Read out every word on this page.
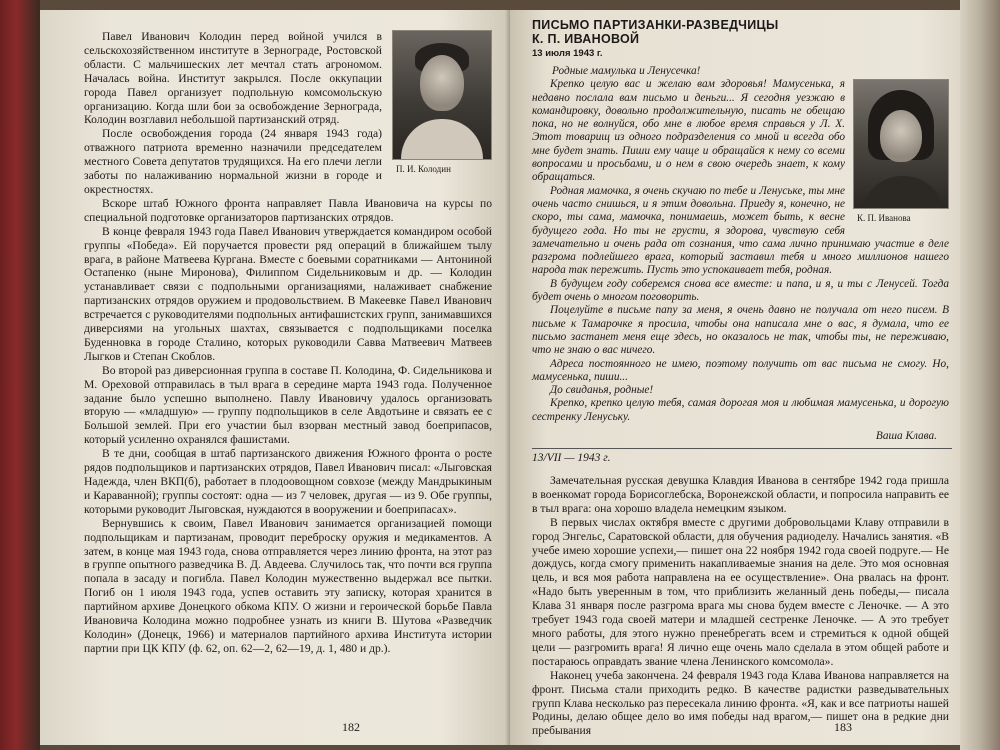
П. И. Колодин

Павел Иванович Колодин перед войной учился в сельскохозяйственном институте в Зернограде, Ростовской области. С мальчишеских лет мечтал стать агрономом. Началась война. Институт закрылся. После оккупации города Павел организует подпольную комсомольскую организацию. Когда шли бои за освобождение Зернограда, Колодин возглавил небольшой партизанский отряд.

После освобождения города (24 января 1943 года) отважного патриота временно назначили председателем местного Совета депутатов трудящихся. На его плечи легли заботы по налаживанию нормальной жизни в городе и окрестностях.

Вскоре штаб Южного фронта направляет Павла Ивановича на курсы по специальной подготовке организаторов партизанских отрядов.

В конце февраля 1943 года Павел Иванович утверждается командиром особой группы «Победа». Ей поручается провести ряд операций в ближайшем тылу врага, в районе Матвеева Кургана. Вместе с боевыми соратниками — Антониной Остапенко (ныне Мироновa), Филиппом Сидельниковым и др. — Колодин устанавливает связи с подпольными организациями, налаживает снабжение партизанских отрядов оружием и продовольствием. В Макеевке Павел Иванович встречается с руководителями подпольных антифашистских групп, занимавшихся диверсиями на угольных шахтах, связывается с подпольщиками поселка Буденновка в городе Сталино, которых руководили Савва Матвеевич Матвеев Лыгков и Степан Скоблов.

Во второй раз диверсионная группа в составе П. Колодина, Ф. Сидельникова и М. Ореховой отправилась в тыл врага в середине марта 1943 года. Полученное задание было успешно выполнено. Павлу Ивановичу удалось организовать вторую — «младшую» — группу подпольщиков в селе Авдотьине и связать ее с Большой землей. При его участии был взорван местный завод боеприпасов, который усиленно охранялся фашистами.

В те дни, сообщая в штаб партизанского движения Южного фронта о росте рядов подпольщиков и партизанских отрядов, Павел Иванович писал: «Лыговская Надежда, член ВКП(б), работает в плодоовощном совхозе (между Мандрыкиным и Караванной); группы состоят: одна — из 7 человек, другая — из 9. Обе группы, которыми руководит Лыговская, нуждаются в вооружении и боеприпасах».

Вернувшись к своим, Павел Иванович занимается организацией помощи подпольщикам и партизанам, проводит переброску оружия и медикаментов. А затем, в конце мая 1943 года, снова отправляется через линию фронта, на этот раз в группе опытного разведчика В. Д. Авдеева. Случилось так, что почти вся группа попала в засаду и погибла. Павел Колодин мужественно выдержал все пытки. Погиб он 1 июля 1943 года, успев оставить эту записку, которая хранится в партийном архиве Донецкого обкома КПУ. О жизни и героической борьбе Павла Ивановича Колодина можно подробнее узнать из книги В. Шутова «Разведчик Колодин» (Донецк, 1966) и материалов партийного архива Института истории партии при ЦК КПУ (ф. 62, оп. 62—2, 62—19, д. 1, 480 и др.).

182
ПИСЬМО ПАРТИЗАНКИ-РАЗВЕДЧИЦЫ
К. П. ИВАНОВОЙ
13 июля 1943 г.
К. П. Иванова

Родные мамулька и Ленусечка!

Крепко целую вас и желаю вам здоровья! Мамусенька, я недавно послала вам письмо и деньги... Я сегодня уезжаю в командировку, довольно продолжительную, писать не обещаю пока, но не волнуйся, обо мне в любое время справься у Л. Х. Этот товарищ из одного подразделения со мной и всегда обо мне будет знать. Пиши ему чаще и обращайся к нему со всеми вопросами и просьбами, и о нем в свою очередь знает, к кому обращаться.

Родная мамочка, я очень скучаю по тебе и Ленуське, ты мне очень часто снишься, и я этим довольна. Приеду я, конечно, не скоро, ты сама, мамочка, понимаешь, может быть, к весне будущего года. Но ты не грусти, я здорова, чувствую себя замечательно и очень рада от сознания, что сама лично принимаю участие в деле разгрома подлейшего врага, который заставил тебя и много миллионов нашего народа так пережить. Пусть это успокаивает тебя, родная.

В будущем году соберемся снова все вместе: и папа, и я, и ты с Ленусей. Тогда будет очень о многом поговорить.

Поцелуйте в письме папу за меня, я очень давно не получала от него писем. В письме к Тамарочке я просила, чтобы она написала мне о вас, я думала, что ее письмо застанет меня еще здесь, но оказалось не так, чтобы ты, не переживаю, что не знаю о вас ничего.

Адреса постоянного не имею, поэтому получить от вас письма не смогу. Но, мамусенька, пиши...

До свиданья, родные!

Крепко, крепко целую тебя, самая дорогая моя и любимая мамусенька, и дорогую сестренку Ленуську.

Ваша Клава.
13/VII — 1943 г.

Замечательная русская девушка Клавдия Иванова в сентябре 1942 года пришла в военкомат города Борисоглебска, Воронежской области, и попросила направить ее в тыл врага: она хорошо владела немецким языком.

В первых числах октября вместе с другими добровольцами Клаву отправили в город Энгельс, Саратовской области, для обучения радиоделу. Начались занятия. «В учебе имею хорошие успехи,— пишет она 22 ноября 1942 года своей подруге.— Не дождусь, когда смогу применить накапливаемые знания на деле. Это моя основная цель, и вся моя работа направлена на ее осуществление». Она рвалась на фронт. «Надо быть уверенным в том, что приблизить желанный день победы,— писала Клава 31 января после разгрома врага мы снова будем вместе с Леночке. — А это требует 1943 года своей матери и младшей сестренке Леночке. — А это требует много работы, для этого нужно пренебрегать всем и стремиться к одной общей цели — разгромить врага! Я лично еще очень мало сделала в этом общей работе и постараюсь оправдать звание члена Ленинского комсомола».

Наконец учеба закончена. 24 февраля 1943 года Клава Иванова направляется на фронт. Письма стали приходить редко. В качестве радистки разведывательных групп Клава несколько раз пересекала линию фронта. «Я, как и все патриоты нашей Родины, делаю общее дело во имя победы над врагом,— пишет она в редкие дни пребывания	183
